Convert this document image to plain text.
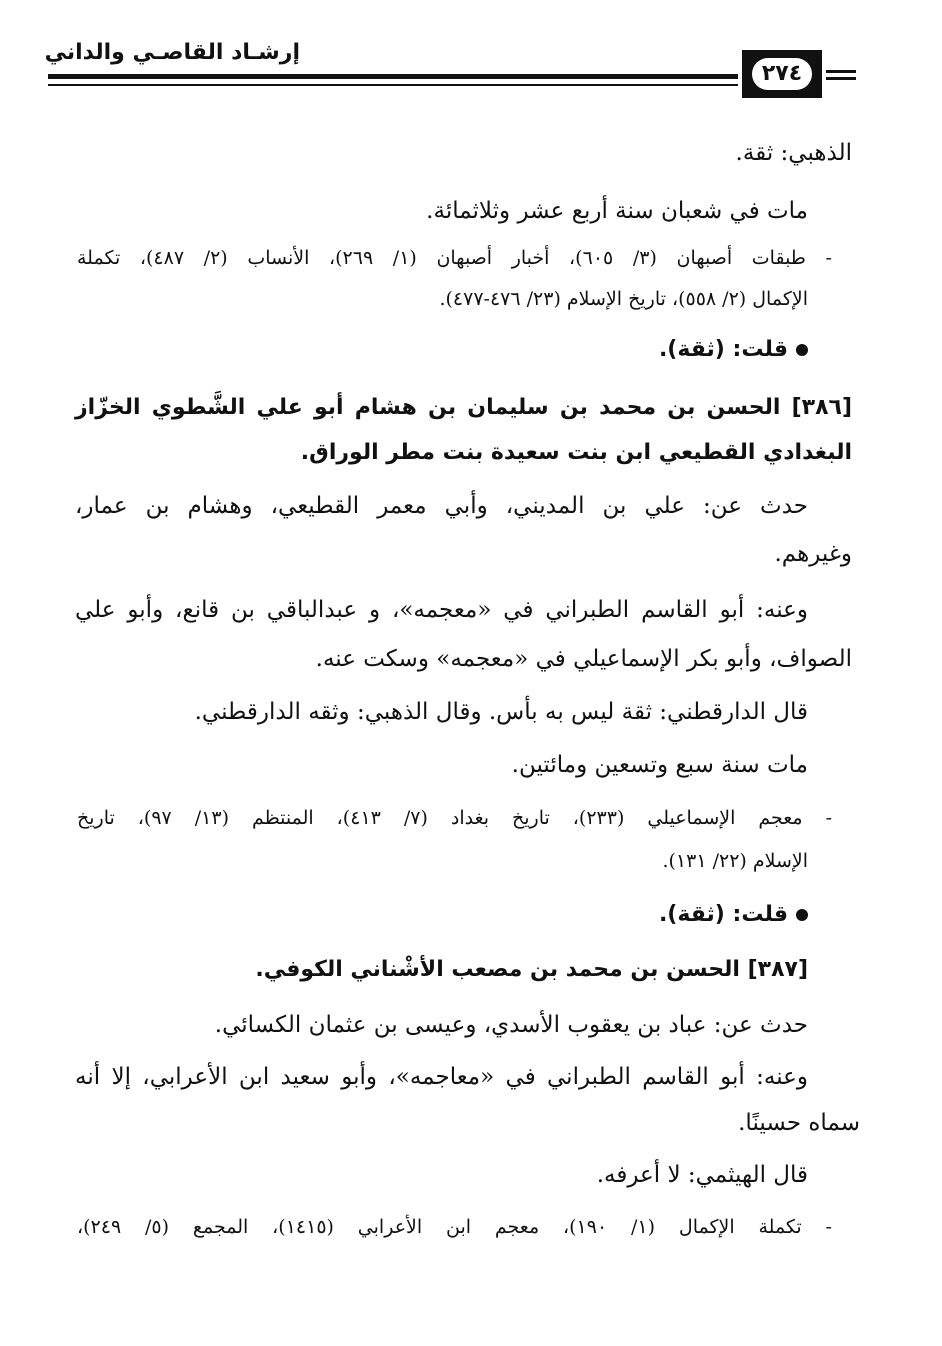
إرشـاد القاصـي والداني
٢٧٤
الذهبي: ثقة.
مات في شعبان سنة أربع عشر وثلاثمائة.
- طبقات أصبهان (٣/ ٦٠٥)، أخبار أصبهان (١/ ٢٦٩)، الأنساب (٢/ ٤٨٧)، تكملة
الإكمال (٢/ ٥٥٨)، تاريخ الإسلام (٢٣/ ٤٧٦-٤٧٧).
قلت: (ثقة).
[٣٨٦] الحسن بن محمد بن سليمان بن هشام أبو علي الشَّطوي الخزّاز
البغدادي القطيعي ابن بنت سعيدة بنت مطر الوراق.
حدث عن: علي بن المديني، وأبي معمر القطيعي، وهشام بن عمار،
وغيرهم.
وعنه: أبو القاسم الطبراني في «معجمه»، و عبدالباقي بن قانع، وأبو علي
الصواف، وأبو بكر الإسماعيلي في «معجمه» وسكت عنه.
قال الدارقطني: ثقة ليس به بأس. وقال الذهبي: وثقه الدارقطني.
مات سنة سبع وتسعين ومائتين.
- معجم الإسماعيلي (٢٣٣)، تاريخ بغداد (٧/ ٤١٣)، المنتظم (١٣/ ٩٧)، تاريخ
الإسلام (٢٢/ ١٣١).
قلت: (ثقة).
[٣٨٧] الحسن بن محمد بن مصعب الأشْناني الكوفي.
حدث عن: عباد بن يعقوب الأسدي، وعيسى بن عثمان الكسائي.
وعنه: أبو القاسم الطبراني في «معاجمه»، وأبو سعيد ابن الأعرابي، إلا أنه
سماه حسينًا.
قال الهيثمي: لا أعرفه.
- تكملة الإكمال (١/ ١٩٠)، معجم ابن الأعرابي (١٤١٥)، المجمع (٥/ ٢٤٩)،
